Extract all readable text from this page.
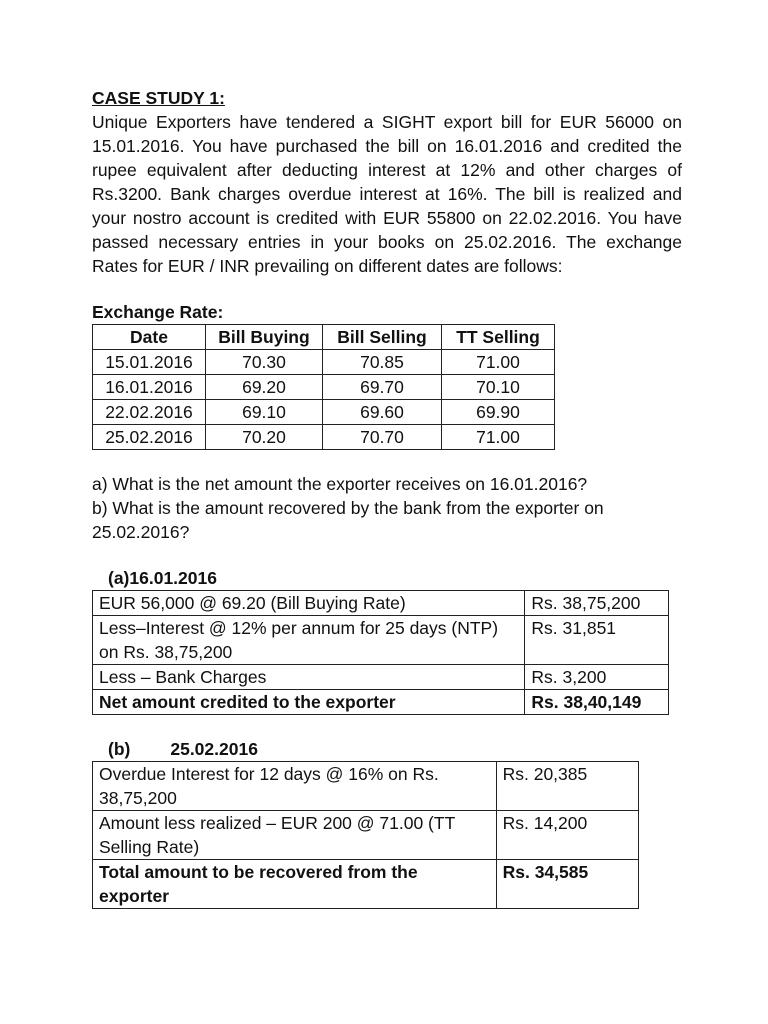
CASE STUDY 1:

Unique Exporters have tendered a SIGHT export bill for EUR 56000 on 15.01.2016. You have purchased the bill on 16.01.2016 and credited the rupee equivalent after deducting interest at 12% and other charges of Rs.3200. Bank charges overdue interest at 16%. The bill is realized and your nostro account is credited with EUR 55800 on 22.02.2016. You have passed necessary entries in your books on 25.02.2016. The exchange Rates for EUR / INR prevailing on different dates are follows:

Exchange Rate:
Date	Bill Buying	Bill Selling	TT Selling
15.01.2016	70.30	70.85	71.00
16.01.2016	69.20	69.70	70.10
22.02.2016	69.10	69.60	69.90
25.02.2016	70.20	70.70	71.00
a) What is the net amount the exporter receives on 16.01.2016?
b) What is the amount recovered by the bank from the exporter on 25.02.2016?
(a)16.01.2016
EUR 56,000 @ 69.20 (Bill Buying Rate)	Rs. 38,75,200
Less–Interest @ 12% per annum for 25 days (NTP) on Rs. 38,75,200	Rs. 31,851
Less – Bank Charges	Rs. 3,200
Net amount credited to the exporter	Rs. 38,40,149
(b) 25.02.2016
Overdue Interest for 12 days @ 16% on Rs. 38,75,200	Rs. 20,385
Amount less realized – EUR 200 @ 71.00 (TT Selling Rate)	Rs. 14,200
Total amount to be recovered from the exporter	Rs. 34,585
